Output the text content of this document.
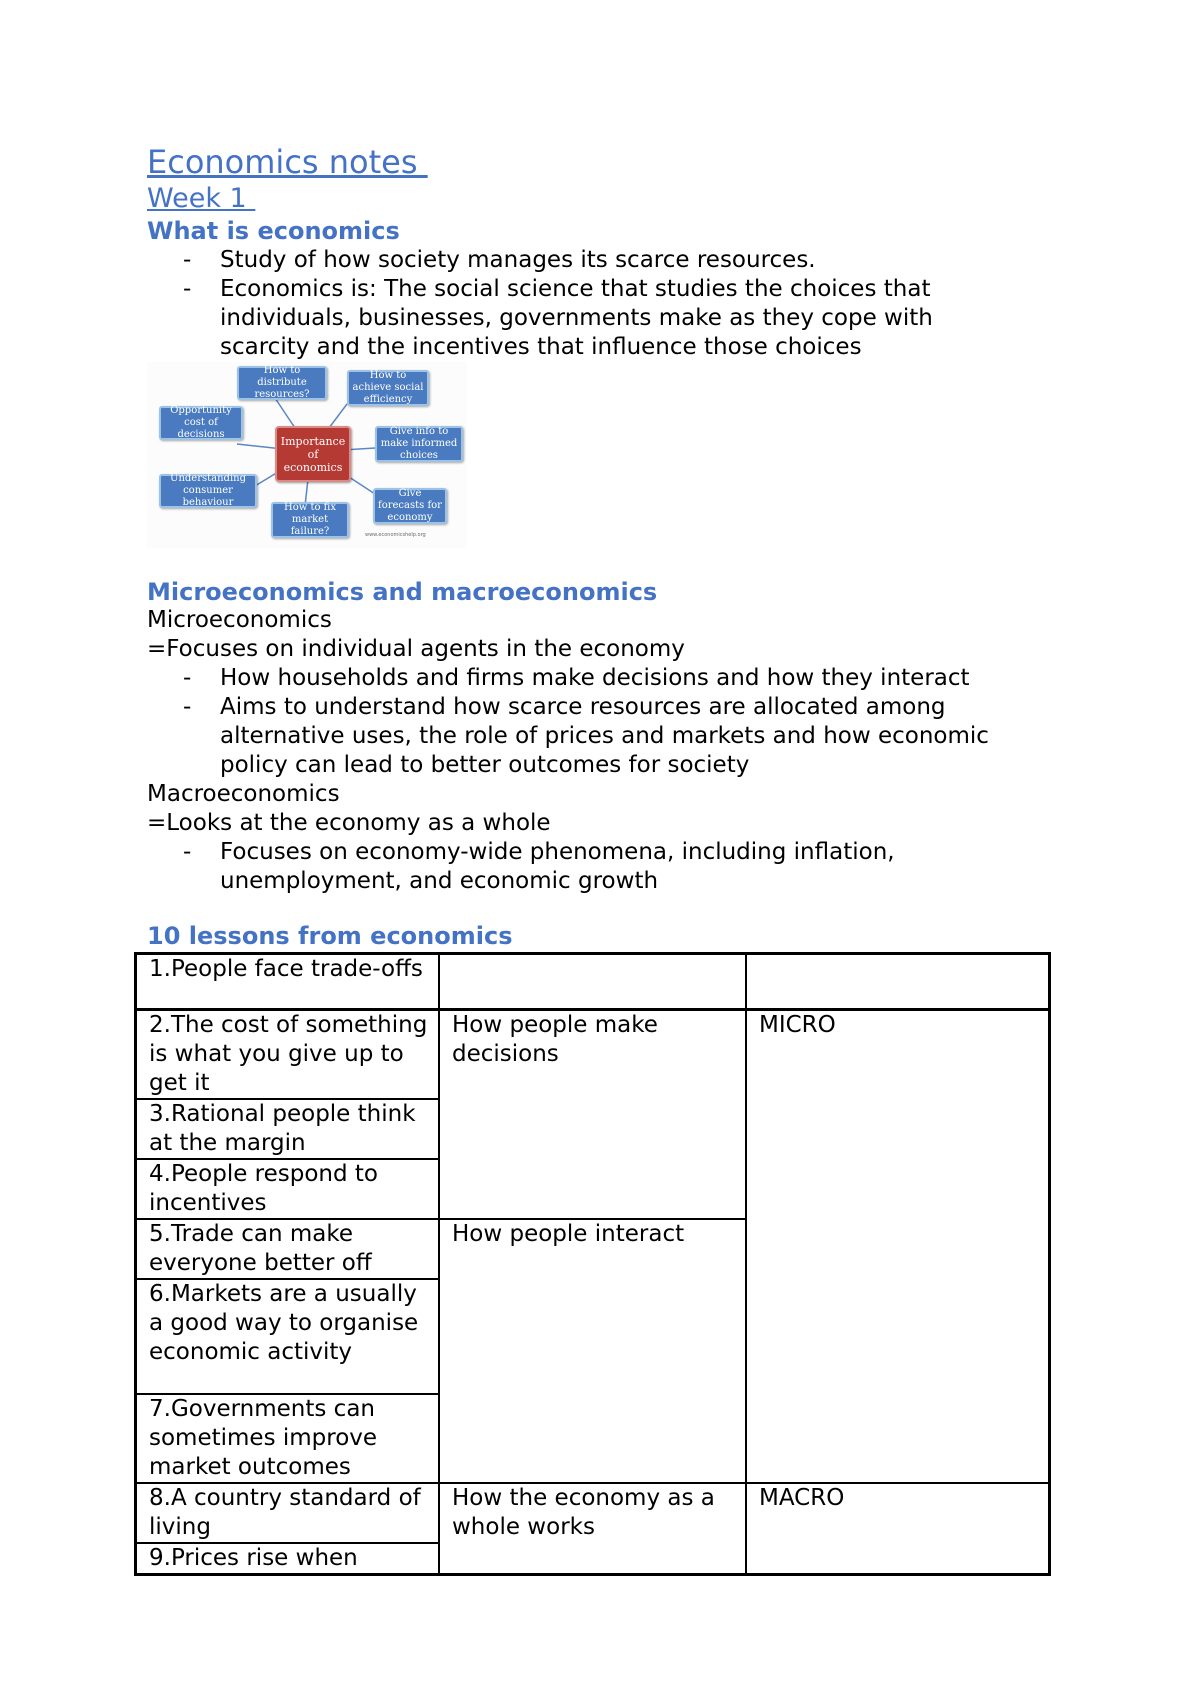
Economics notes
Week 1
What is economics
- Study of how society manages its scarce resources.
- Economics is: The social science that studies the choices that
individuals, businesses, governments make as they cope with
scarcity and the incentives that influence those choices
How to distribute resources?
How to achieve social efficiency
Opportunity cost of decisions	Give info to make informed choices
Understanding consumer behaviour
Give forecasts for economy
How to fix market failure?
Importance of economics
www.economicshelp.org
Microeconomics and macroeconomics
Microeconomics
=Focuses on individual agents in the economy
- How households and firms make decisions and how they interact
- Aims to understand how scarce resources are allocated among
alternative uses, the role of prices and markets and how economic
policy can lead to better outcomes for society
Macroeconomics
=Looks at the economy as a whole
- Focuses on economy-wide phenomena, including inflation,
unemployment, and economic growth
10 lessons from economics
1.People face trade-offs		
2.The cost of something is what you give up to get it	How people make decisions	MICRO
3.Rational people think at the margin		
4.People respond to incentives		
5.Trade can make everyone better off	How people interact	
6.Markets are a usually a good way to organise economic activity		
7.Governments can sometimes improve market outcomes		
8.A country standard of living	How the economy as a whole works	MACRO
9.Prices rise when		
